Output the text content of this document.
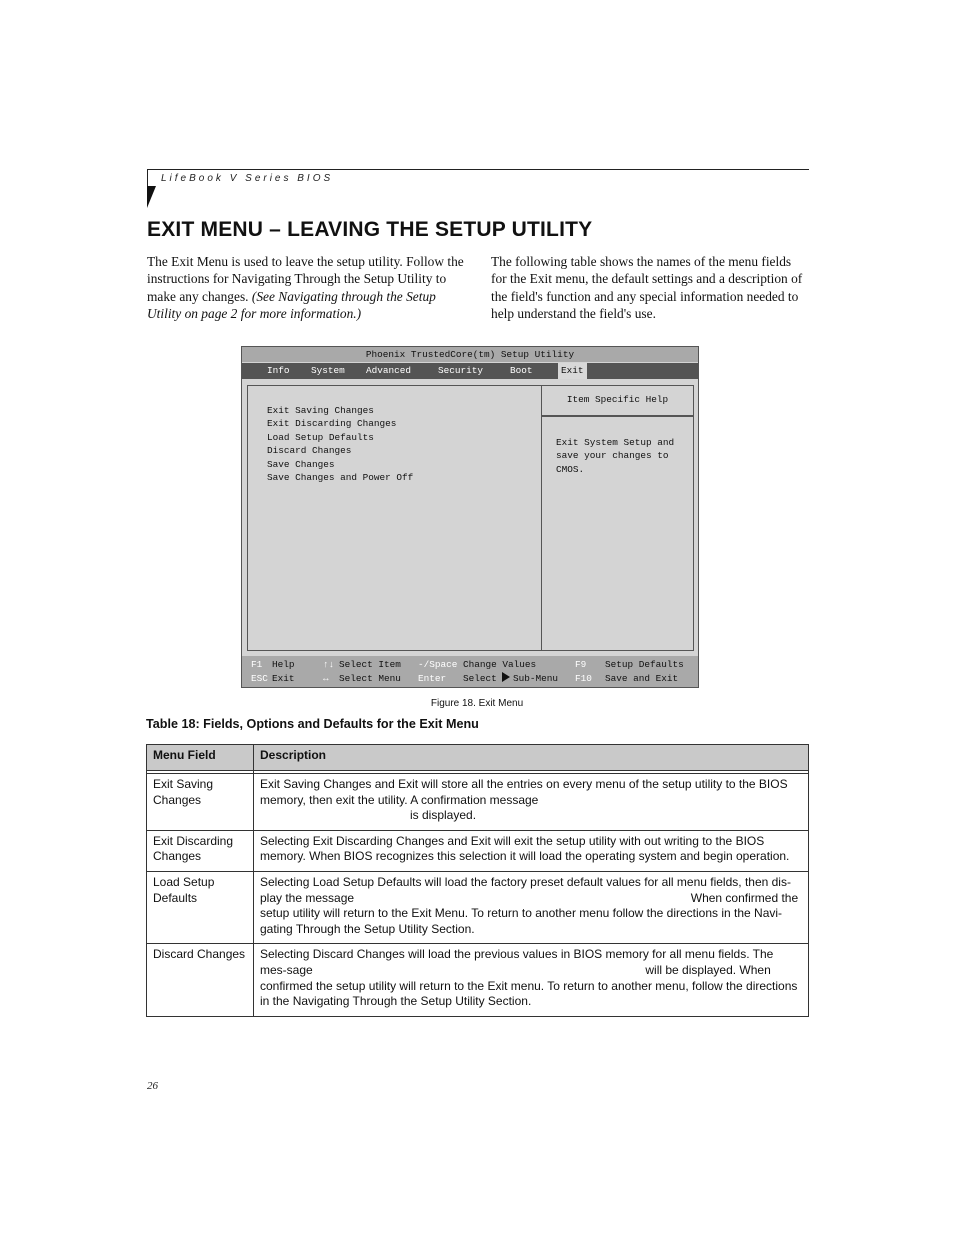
LifeBook V Series BIOS
EXIT MENU – LEAVING THE SETUP UTILITY
The Exit Menu is used to leave the setup utility. Follow the instructions for Navigating Through the Setup Utility to make any changes. (See Navigating through the Setup Utility on page 2 for more information.)
The following table shows the names of the menu fields for the Exit menu, the default settings and a description of the field's function and any special information needed to help understand the field's use.
Phoenix TrustedCore(tm) Setup Utility
Info System Advanced	Security	Boot	Exit
Exit Saving Changes
Exit Discarding Changes
Load Setup Defaults
Discard Changes
Save Changes
Save Changes and Power Off
Item Specific Help
Exit System Setup and
save your changes to
CMOS.
F1 Help	↑↓ Select Item -/Space Change Values	F9 Setup Defaults
ESC Exit	↔ Select Menu Enter Select Sub-Menu F10 Save and Exit
Figure 18. Exit Menu
Table 18: Fields, Options and Defaults for the Exit Menu
Menu Field	Description

Exit Saving Changes	Exit Saving Changes and Exit will store all the entries on every menu of the setup utility to the BIOS memory, then exit the utility. A confirmation message
is displayed.
Exit Discarding Changes	Selecting Exit Discarding Changes and Exit will exit the setup utility with out writing to the BIOS memory. When BIOS recognizes this selection it will load the operating system and begin operation.
Load Setup Defaults	Selecting Load Setup Defaults will load the factory preset default values for all menu fields, then dis-play the message When confirmed the setup utility will return to the Exit Menu. To return to another menu follow the directions in the Navi-gating Through the Setup Utility Section.
Discard Changes	Selecting Discard Changes will load the previous values in BIOS memory for all menu fields. The mes-sage will be displayed. When confirmed the setup utility will return to the Exit menu. To return to another menu, follow the directions in the Navigating Through the Setup Utility Section.
26
